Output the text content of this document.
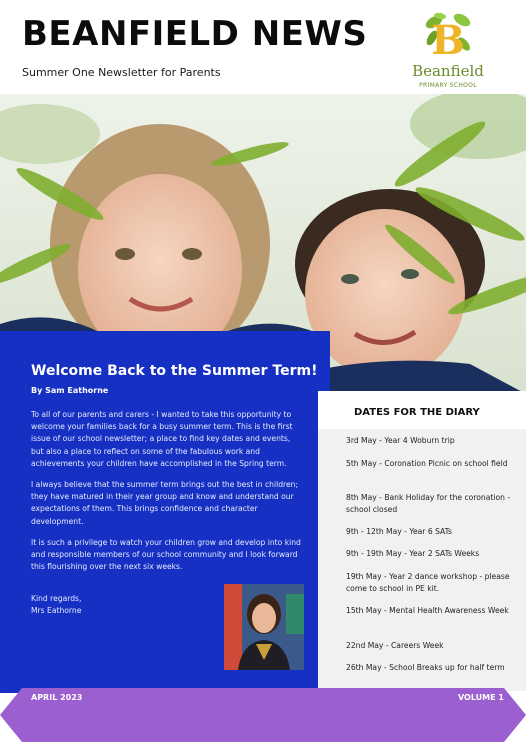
BEANFIELD NEWS
Summer One Newsletter for Parents
B
Beanfield
PRIMARY SCHOOL
Welcome Back to the Summer Term!
By Sam Eathorne

To all of our parents and carers - I wanted to take this opportunity to welcome your families back for a busy summer term. This is the first issue of our school newsletter; a place to find key dates and events, but also a place to reflect on some of the fabulous work and achievements your children have accomplished in the Spring term.

I always believe that the summer term brings out the best in children; they have matured in their year group and know and understand our expectations of them. This brings confidence and character development.

It is such a privilege to watch your children grow and develop into kind and responsible members of our school community and I look forward this flourishing over the next six weeks.

Kind regards,
Mrs Eathorne
DATES FOR THE DIARY
3rd May - Year 4 Woburn trip
5th May - Coronation Picnic on school field
8th May - Bank Holiday for the coronation - school closed
9th - 12th May - Year 6 SATs
9th - 19th May - Year 2 SATs Weeks
19th May - Year 2 dance workshop - please come to school in PE kit.
15th May - Mental Health Awareness Week
22nd May - Careers Week
26th May - School Breaks up for half term
APRIL 2023	VOLUME 1
